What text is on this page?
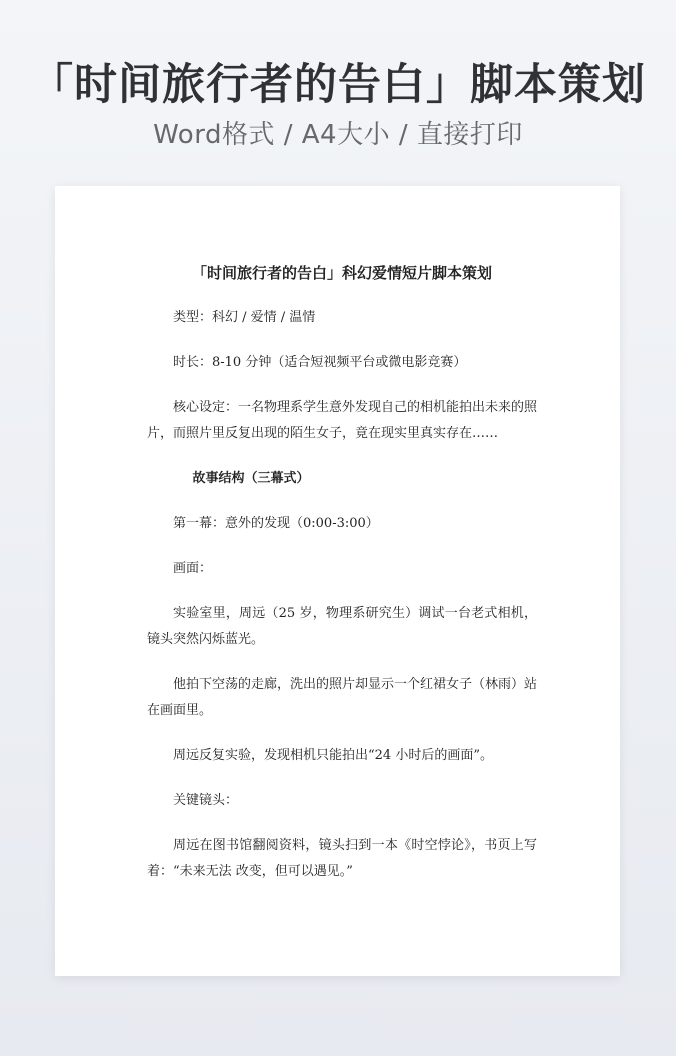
「时间旅行者的告白」脚本策划
Word格式 / A4大小 / 直接打印
「时间旅行者的告白」科幻爱情短片脚本策划

类型：科幻 / 爱情 / 温情

时长：8-10 分钟（适合短视频平台或微电影竞赛）

核心设定：一名物理系学生意外发现自己的相机能拍出未来的照片，而照片里反复出现的陌生女子，竟在现实里真实存在……

故事结构（三幕式）

第一幕：意外的发现（0:00-3:00）

画面：

实验室里，周远（25 岁，物理系研究生）调试一台老式相机，镜头突然闪烁蓝光。

他拍下空荡的走廊，洗出的照片却显示一个红裙女子（林雨）站在画面里。

周远反复实验，发现相机只能拍出“24 小时后的画面”。

关键镜头：

周远在图书馆翻阅资料，镜头扫到一本《时空悖论》，书页上写着：“未来无法 改变，但可以遇见。”
